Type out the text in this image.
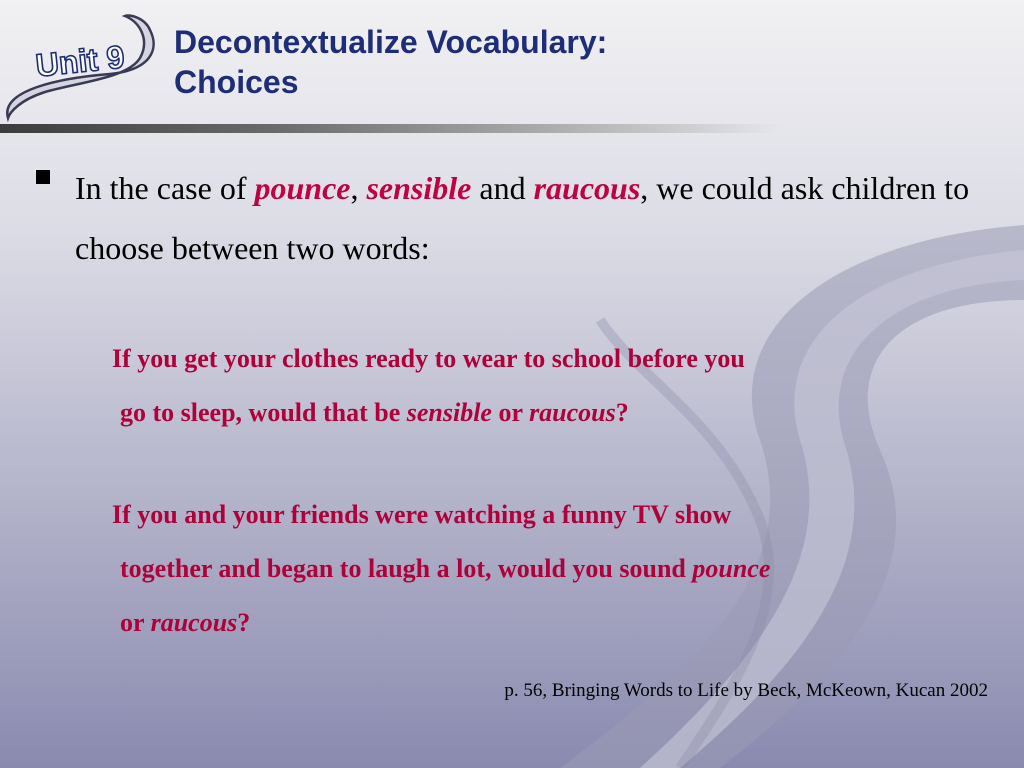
Unit 9 Decontextualize Vocabulary:
Choices

In the case of pounce, sensible and raucous, we could ask children to choose between two words:

If you get your clothes ready to wear to school before you
go to sleep, would that be sensible or raucous?

If you and your friends were watching a funny TV show
together and began to laugh a lot, would you sound pounce
or raucous?

p. 56, Bringing Words to Life by Beck, McKeown, Kucan 2002
